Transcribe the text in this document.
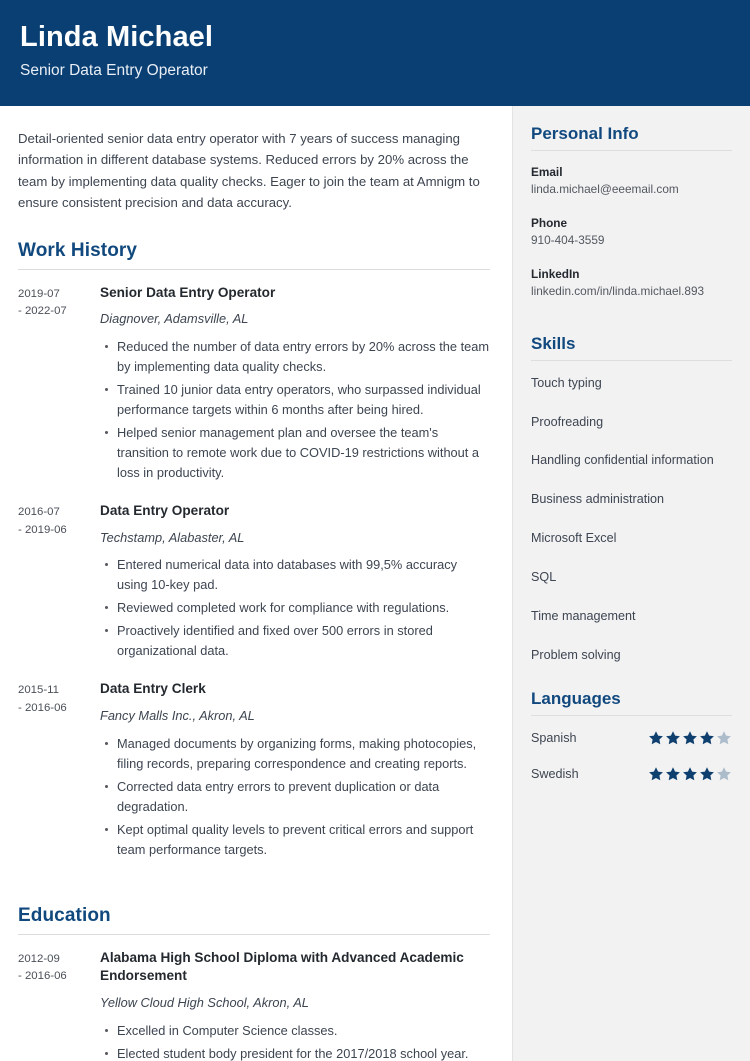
Linda Michael
Senior Data Entry Operator

Detail-oriented senior data entry operator with 7 years of success managing information in different database systems. Reduced errors by 20% across the team by implementing data quality checks. Eager to join the team at Amnigm to ensure consistent precision and data accuracy.

Work History
2019-07
- 2022-07
Senior Data Entry Operator
Diagnover, Adamsville, AL
Reduced the number of data entry errors by 20% across the team by implementing data quality checks.
Trained 10 junior data entry operators, who surpassed individual performance targets within 6 months after being hired.
Helped senior management plan and oversee the team's transition to remote work due to COVID-19 restrictions without a loss in productivity.
2016-07
- 2019-06
Data Entry Operator
Techstamp, Alabaster, AL
Entered numerical data into databases with 99,5% accuracy using 10-key pad.
Reviewed completed work for compliance with regulations.
Proactively identified and fixed over 500 errors in stored organizational data.
2015-11
- 2016-06
Data Entry Clerk
Fancy Malls Inc., Akron, AL
Managed documents by organizing forms, making photocopies, filing records, preparing correspondence and creating reports.
Corrected data entry errors to prevent duplication or data degradation.
Kept optimal quality levels to prevent critical errors and support team performance targets.
Education
2012-09
- 2016-06
Alabama High School Diploma with Advanced Academic Endorsement
Yellow Cloud High School, Akron, AL
Excelled in Computer Science classes.
Elected student body president for the 2017/2018 school year.
Personal Info
Email
linda.michael@eeemail.com
Phone
910-404-3559
LinkedIn
linkedin.com/in/linda.michael.893
Skills
Touch typing
Proofreading
Handling confidential information
Business administration
Microsoft Excel
SQL
Time management
Problem solving
Languages
Spanish
Swedish
